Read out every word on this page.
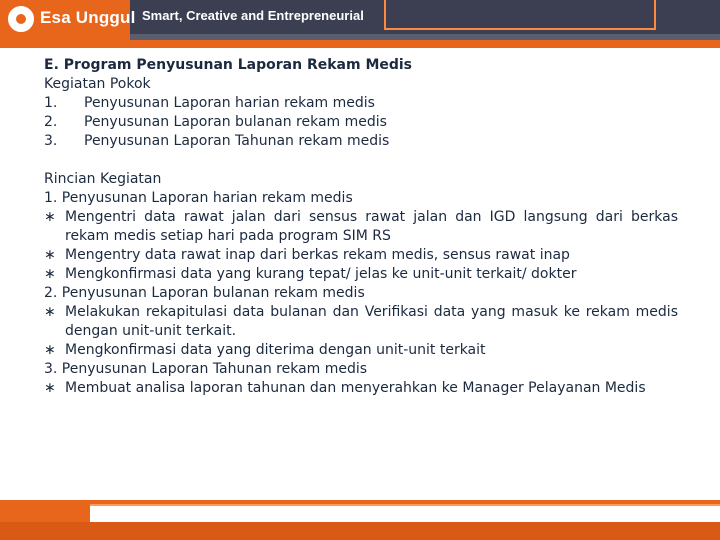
Esa Unggul Smart, Creative and Entrepreneurial
E. Program Penyusunan Laporan Rekam Medis
Kegiatan Pokok
1. Penyusunan Laporan harian rekam medis
2. Penyusunan Laporan bulanan rekam medis
3. Penyusunan Laporan Tahunan rekam medis
Rincian Kegiatan
1. Penyusunan Laporan harian rekam medis
∗ Mengentri data rawat jalan dari sensus rawat jalan dan IGD langsung dari berkas rekam medis setiap hari pada program SIM RS
∗ Mengentry data rawat inap dari berkas rekam medis, sensus rawat inap
∗ Mengkonfirmasi data yang kurang tepat/ jelas ke unit-unit terkait/ dokter
2. Penyusunan Laporan bulanan rekam medis
∗ Melakukan rekapitulasi data bulanan dan Verifikasi data yang masuk ke rekam medis dengan unit-unit terkait.
∗ Mengkonfirmasi data yang diterima dengan unit-unit terkait
3. Penyusunan Laporan Tahunan rekam medis
∗ Membuat analisa laporan tahunan dan menyerahkan ke Manager Pelayanan Medis
